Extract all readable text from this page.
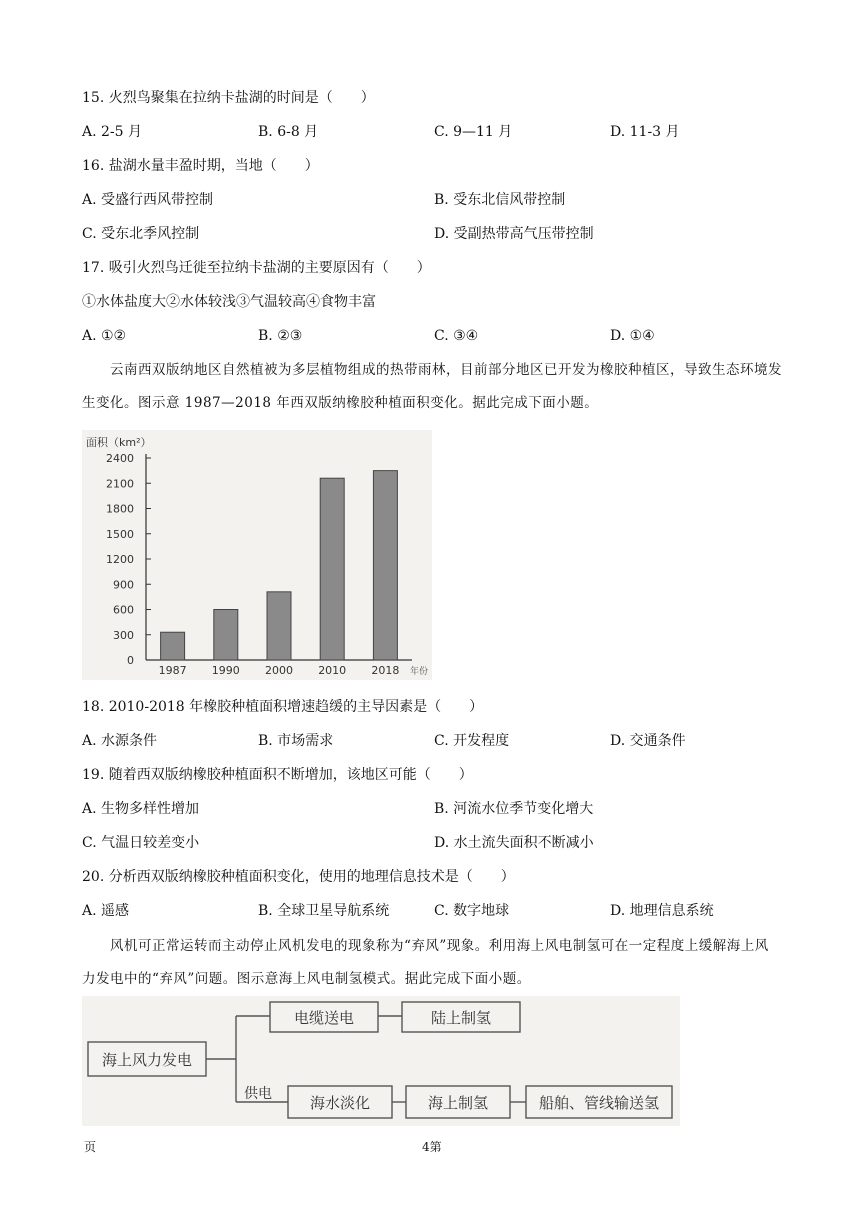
15. 火烈鸟聚集在拉纳卡盐湖的时间是（　　）
A. 2-5 月	B. 6-8 月	C. 9—11 月	D. 11-3 月
16. 盐湖水量丰盈时期，当地（　　）
A. 受盛行西风带控制	B. 受东北信风带控制
C. 受东北季风控制	D. 受副热带高气压带控制
17. 吸引火烈鸟迁徙至拉纳卡盐湖的主要原因有（　　）
①水体盐度大②水体较浅③气温较高④食物丰富
A. ①②	B. ②③	C. ③④	D. ①④
云南西双版纳地区自然植被为多层植物组成的热带雨林，目前部分地区已开发为橡胶种植区，导致生态环境发生变化。图示意 1987—2018 年西双版纳橡胶种植面积变化。据此完成下面小题。
面积（km²）
年份
0
300
600
900
1200
1500
1800
2100
2400
1987 1990 2000 2010 2018
18. 2010-2018 年橡胶种植面积增速趋缓的主导因素是（　　）
A. 水源条件	B. 市场需求	C. 开发程度	D. 交通条件
19. 随着西双版纳橡胶种植面积不断增加，该地区可能（　　）
A. 生物多样性增加	B. 河流水位季节变化增大
C. 气温日较差变小	D. 水土流失面积不断减小
20. 分析西双版纳橡胶种植面积变化，使用的地理信息技术是（　　）
A. 遥感	B. 全球卫星导航系统	C. 数字地球	D. 地理信息系统
风机可正常运转而主动停止风机发电的现象称为“弃风”现象。利用海上风电制氢可在一定程度上缓解海上风力发电中的“弃风”问题。图示意海上风电制氢模式。据此完成下面小题。
海上风力发电
电缆送电	陆上制氢
海水淡化	海上制氢	船舶、管线输送氢
供电
页	4第
